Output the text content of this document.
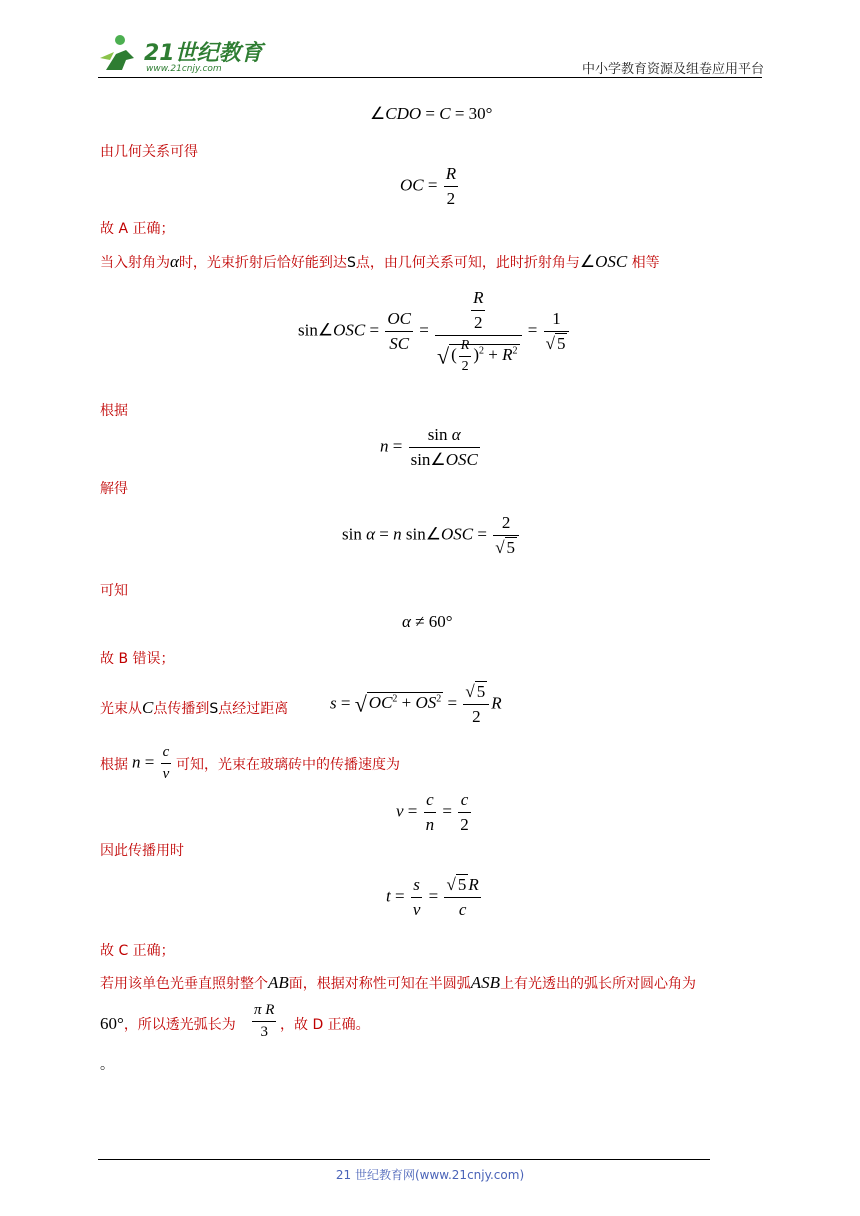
21世纪教育
www.21cnjy.com	中小学教育资源及组卷应用平台
∠CDO = C = 30°
由几何关系可得
OC = $\frac{R}{2}$
故 A 正确；
当入射角为α时，光束折射后恰好能到达S点，由几何关系可知，此时折射角与∠OSC 相等
sin∠OSC = $\frac{OC}{SC} = \frac{\frac{R}{2}}{√ ( \frac{R}{2} )^2 + R^2} = \frac{1}{√ 5}$
根据
$n = \frac{\text{sin α}}{\text{sin∠OSC}}$
解得
sin α = n sin∠OSC = $\frac{2}{√ 5}$
可知
α ≠ 60°
故 B 错误；
光束从C点传播到S点经过距离 s = √ $OC^2 + OS^2 = \frac{√ 5}{2}$ R
根据 $n = \frac{c}{v}$ 可知，光束在玻璃砖中的传播速度为
$v = \frac{c}{n} = \frac{c}{2}$
因此传播用时
$t = \frac{s}{v} = \frac{√ 5 R}{c}$
故 C 正确；
若用该单色光垂直照射整个AB面，根据对称性可知在半圆弧ASB上有光透出的弧长所对圆心角为
60°，所以透光弧长为 $\frac{\text{π R}}{3}$ ，故 D 正确。
。
21 世纪教育网(www.21cnjy.com)
